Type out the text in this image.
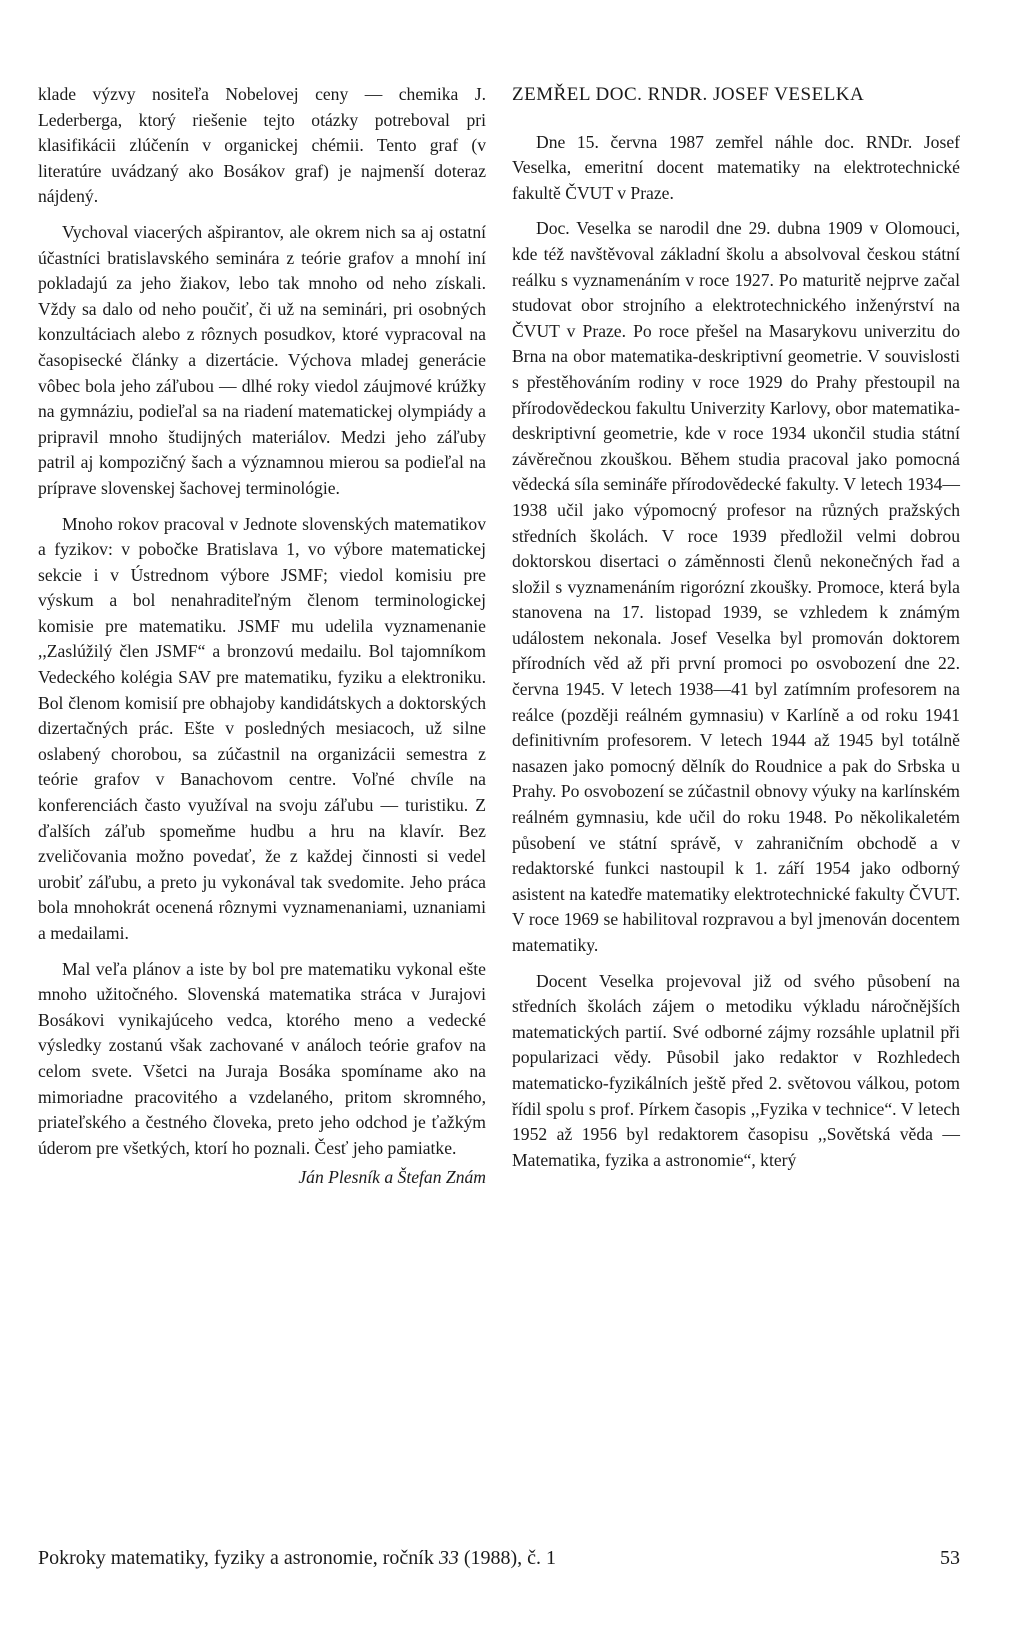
klade výzvy nositeľa Nobelovej ceny — chemika J. Lederberga, ktorý riešenie tejto otázky potreboval pri klasifikácii zlúčenín v organickej chémii. Tento graf (v literatúre uvádzaný ako Bosákov graf) je najmenší doteraz nájdený.

Vychoval viacerých ašpirantov, ale okrem nich sa aj ostatní účastníci bratislavského seminára z teórie grafov a mnohí iní pokladajú za jeho žiakov, lebo tak mnoho od neho získali. Vždy sa dalo od neho poučiť, či už na seminári, pri osobných konzultáciach alebo z rôznych posudkov, ktoré vypracoval na časopisecké články a dizertácie. Výchova mladej generácie vôbec bola jeho záľubou — dlhé roky viedol záujmové krúžky na gymnáziu, podieľal sa na riadení matematickej olympiády a pripravil mnoho študijných materiálov. Medzi jeho záľuby patril aj kompozičný šach a významnou mierou sa podieľal na príprave slovenskej šachovej terminológie.

Mnoho rokov pracoval v Jednote slovenských matematikov a fyzikov: v pobočke Bratislava 1, vo výbore matematickej sekcie i v Ústrednom výbore JSMF; viedol komisiu pre výskum a bol nenahraditeľným členom terminologickej komisie pre matematiku. JSMF mu udelila vyznamenanie ,,Zaslúžilý člen JSMF“ a bronzovú medailu. Bol tajomníkom Vedeckého kolégia SAV pre matematiku, fyziku a elektroniku. Bol členom komisií pre obhajoby kandidátskych a doktorských dizertačných prác. Ešte v posledných mesiacoch, už silne oslabený chorobou, sa zúčastnil na organizácii semestra z teórie grafov v Banachovom centre. Voľné chvíle na konferenciách často využíval na svoju záľubu — turistiku. Z ďalších záľub spomeňme hudbu a hru na klavír. Bez zveličovania možno povedať, že z každej činnosti si vedel urobiť záľubu, a preto ju vykonával tak svedomite. Jeho práca bola mnohokrát ocenená rôznymi vyznamenaniami, uznaniami a medailami.

Mal veľa plánov a iste by bol pre matematiku vykonal ešte mnoho užitočného. Slovenská matematika stráca v Jurajovi Bosákovi vynikajúceho vedca, ktorého meno a vedecké výsledky zostanú však zachované v análoch teórie grafov na celom svete. Všetci na Juraja Bosáka spomíname ako na mimoriadne pracovitého a vzdelaného, pritom skromného, priateľského a čestného človeka, preto jeho odchod je ťažkým úderom pre všetkých, ktorí ho poznali. Česť jeho pamiatke.

Ján Plesník a Štefan Znám

ZEMŘEL DOC. RNDR. JOSEF VESELKA

Dne 15. června 1987 zemřel náhle doc. RNDr. Josef Veselka, emeritní docent matematiky na elektrotechnické fakultě ČVUT v Praze.

Doc. Veselka se narodil dne 29. dubna 1909 v Olomouci, kde též navštěvoval základní školu a absolvoval českou státní reálku s vyznamenáním v roce 1927. Po maturitě nejprve začal studovat obor strojního a elektrotechnického inženýrství na ČVUT v Praze. Po roce přešel na Masarykovu univerzitu do Brna na obor matematika-deskriptivní geometrie. V souvislosti s přestěhováním rodiny v roce 1929 do Prahy přestoupil na přírodovědeckou fakultu Univerzity Karlovy, obor matematika-deskriptivní geometrie, kde v roce 1934 ukončil studia státní závěrečnou zkouškou. Během studia pracoval jako pomocná vědecká síla semináře přírodovědecké fakulty. V letech 1934—1938 učil jako výpomocný profesor na různých pražských středních školách. V roce 1939 předložil velmi dobrou doktorskou disertaci o záměnnosti členů nekonečných řad a složil s vyznamenáním rigorózní zkoušky. Promoce, která byla stanovena na 17. listopad 1939, se vzhledem k známým událostem nekonala. Josef Veselka byl promován doktorem přírodních věd až při první promoci po osvobození dne 22. června 1945. V letech 1938—41 byl zatímním profesorem na reálce (později reálném gymnasiu) v Karlíně a od roku 1941 definitivním profesorem. V letech 1944 až 1945 byl totálně nasazen jako pomocný dělník do Roudnice a pak do Srbska u Prahy. Po osvobození se zúčastnil obnovy výuky na karlínském reálném gymnasiu, kde učil do roku 1948. Po několikaletém působení ve státní správě, v zahraničním obchodě a v redaktorské funkci nastoupil k 1. září 1954 jako odborný asistent na katedře matematiky elektrotechnické fakulty ČVUT. V roce 1969 se habilitoval rozpravou a byl jmenován docentem matematiky.

Docent Veselka projevoval již od svého působení na středních školách zájem o metodiku výkladu náročnějších matematických partií. Své odborné zájmy rozsáhle uplatnil při popularizaci vědy. Působil jako redaktor v Rozhledech matematicko-fyzikálních ještě před 2. světovou válkou, potom řídil spolu s prof. Pírkem časopis ,,Fyzika v technice“. V letech 1952 až 1956 byl redaktorem časopisu ,,Sovětská věda — Matematika, fyzika a astronomie“, který

Pokroky matematiky, fyziky a astronomie, ročník 33 (1988), č. 1	53
